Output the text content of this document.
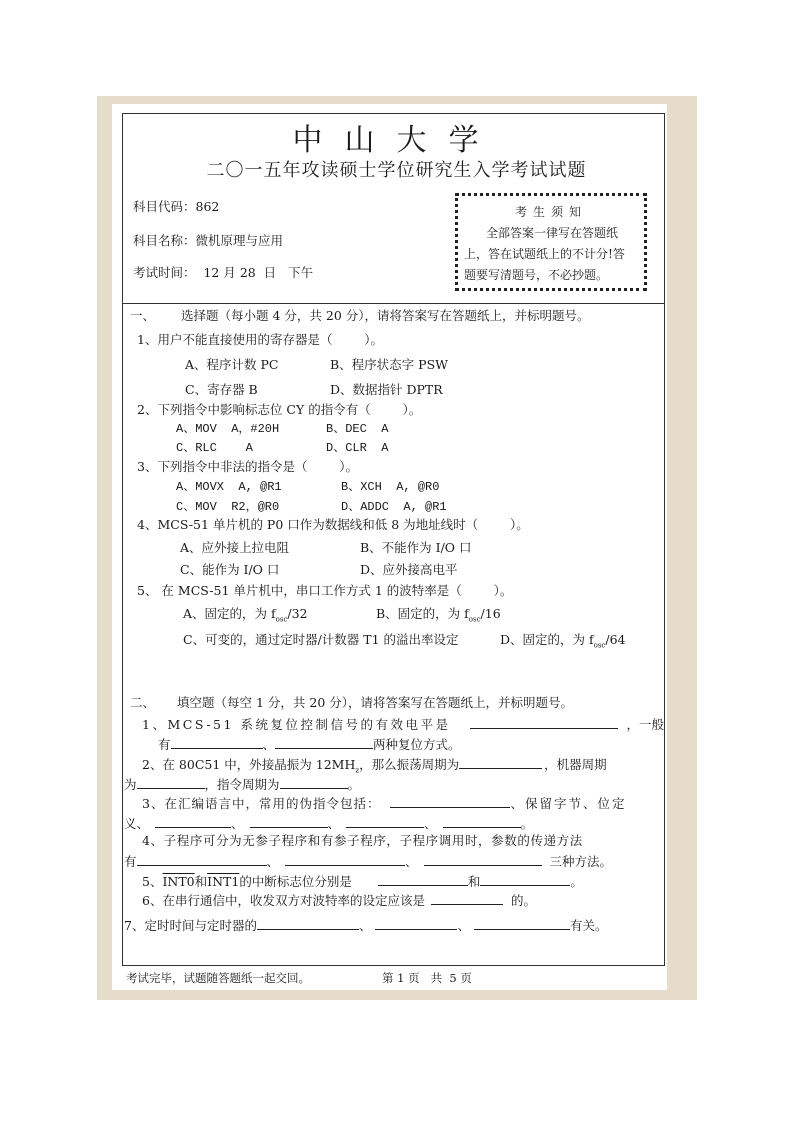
中山大学
二〇一五年攻读硕士学位研究生入学考试试题
科目代码：862
科目名称：微机原理与应用
考试时间： 12 月 28  日   下午
考生须知
全部答案一律写在答题纸
上，答在试题纸上的不计分!答
题要写清题号，不必抄题。
一、 选择题（每小题 4 分，共 20 分），请将答案写在答题纸上，并标明题号。
1、用户不能直接使用的寄存器是（        ）。
A、程序计数 PC	B、程序状态字 PSW
C、寄存器 B	D、数据指针 DPTR
2、下列指令中影响标志位 CY 的指令有（        ）。
A、MOV  A，#20H	B、DEC  A
C、RLC    A	D、CLR  A
3、下列指令中非法的指令是（        ）。
A、MOVX  A, @R1	B、XCH  A, @R0
C、MOV  R2，@R0	D、ADDC  A, @R1
4、MCS-51 单片机的 P0 口作为数据线和低 8 为地址线时（        ）。
A、应外接上拉电阻	B、不能作为 I/O 口
C、能作为 I/O 口	D、应外接高电平
5、 在 MCS-51 单片机中，串口工作方式 1 的波特率是（        ）。
A、固定的，为 $f_{osc}/32$	B、固定的，为 $f_{osc}/16$
C、可变的，通过定时器/计数器 T1 的溢出率设定	D、固定的，为 $f_{osc}/64$
二、 填空题（每空 1 分，共 20 分），请将答案写在答题纸上，并标明题号。
1、MCS-51 系统复位控制信号的有效电平是	，一般
有	、	两种复位方式。
2、在 80C51 中，外接晶振为 $12MH_z$，那么振荡周期为	，机器周期
为	，指令周期为	。
3、在汇编语言中，常用的伪指令包括：	、保留字节、位定
义、	、	、	、	。
4、子程序可分为无参子程序和有参子程序，子程序调用时，参数的传递方法
有	、	、	三种方法。
5、INT0和INT1的中断标志位分别是	和	。
6、在串行通信中，收发双方对波特率的设定应该是	的。
7、定时时间与定时器的	、	、	有关。
考试完毕，试题随答题纸一起交回。	第 1 页   共  5 页
